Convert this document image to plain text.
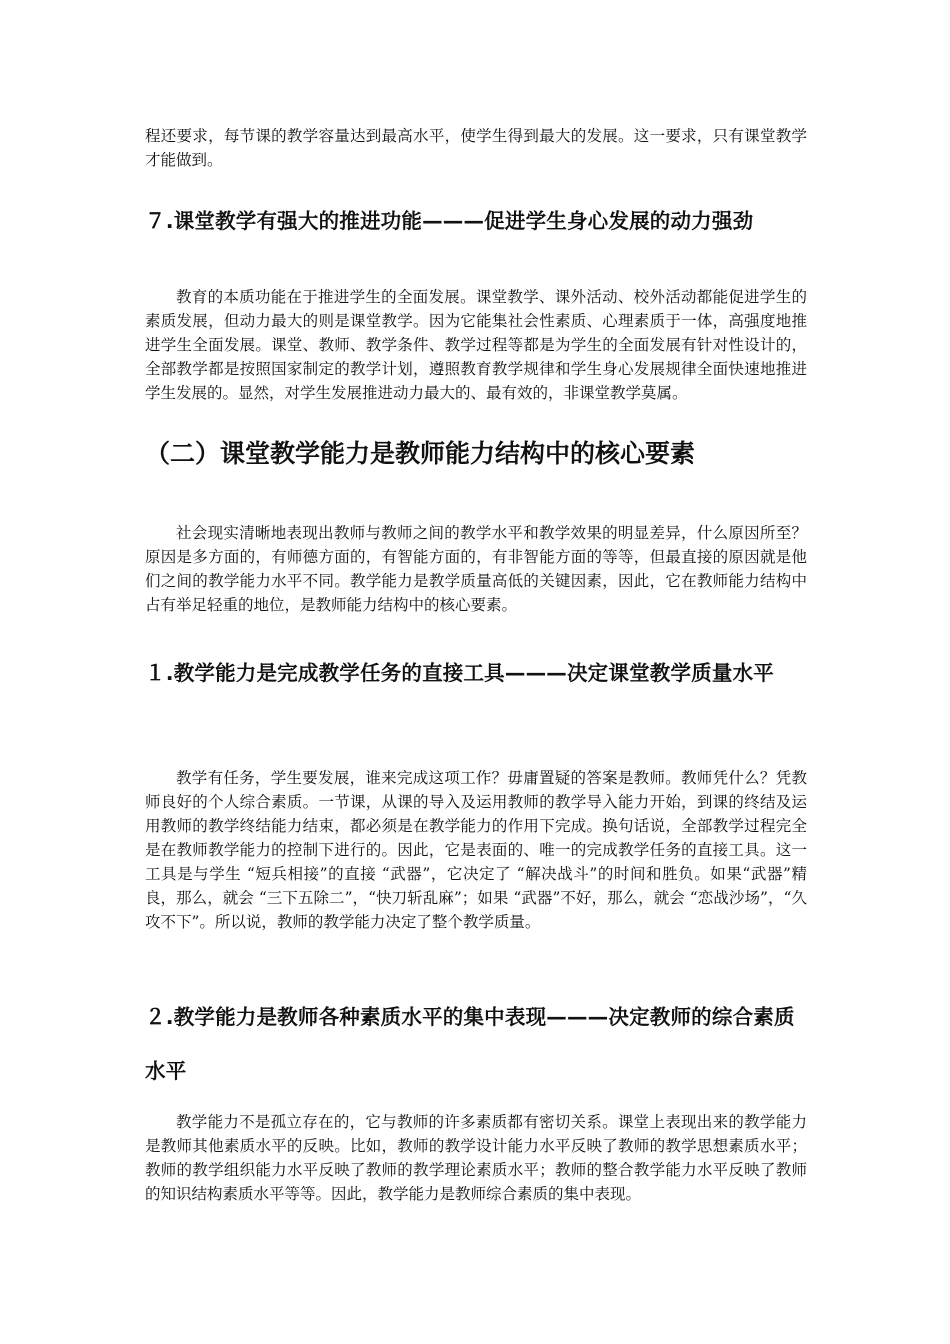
程还要求，每节课的教学容量达到最高水平，使学生得到最大的发展。这一要求，只有课堂教学才能做到。

７.课堂教学有强大的推进功能———促进学生身心发展的动力强劲

教育的本质功能在于推进学生的全面发展。课堂教学、课外活动、校外活动都能促进学生的素质发展，但动力最大的则是课堂教学。因为它能集社会性素质、心理素质于一体，高强度地推进学生全面发展。课堂、教师、教学条件、教学过程等都是为学生的全面发展有针对性设计的，全部教学都是按照国家制定的教学计划，遵照教育教学规律和学生身心发展规律全面快速地推进学生发展的。显然，对学生发展推进动力最大的、最有效的，非课堂教学莫属。

（二）课堂教学能力是教师能力结构中的核心要素

社会现实清晰地表现出教师与教师之间的教学水平和教学效果的明显差异，什么原因所至？原因是多方面的，有师德方面的，有智能方面的，有非智能方面的等等，但最直接的原因就是他们之间的教学能力水平不同。教学能力是教学质量高低的关键因素，因此，它在教师能力结构中占有举足轻重的地位，是教师能力结构中的核心要素。

１.教学能力是完成教学任务的直接工具———决定课堂教学质量水平

教学有任务，学生要发展，谁来完成这项工作？毋庸置疑的答案是教师。教师凭什么？凭教师良好的个人综合素质。一节课，从课的导入及运用教师的教学导入能力开始，到课的终结及运用教师的教学终结能力结束，都必须是在教学能力的作用下完成。换句话说，全部教学过程完全是在教师教学能力的控制下进行的。因此，它是表面的、唯一的完成教学任务的直接工具。这一工具是与学生 “短兵相接”的直接 “武器”，它决定了 “解决战斗”的时间和胜负。如果“武器”精良，那么，就会 “三下五除二”，“快刀斩乱麻”；如果 “武器”不好，那么，就会 “恋战沙场”，“久攻不下”。所以说，教师的教学能力决定了整个教学质量。

２.教学能力是教师各种素质水平的集中表现———决定教师的综合素质水平

教学能力不是孤立存在的，它与教师的许多素质都有密切关系。课堂上表现出来的教学能力是教师其他素质水平的反映。比如，教师的教学设计能力水平反映了教师的教学思想素质水平；教师的教学组织能力水平反映了教师的教学理论素质水平；教师的整合教学能力水平反映了教师的知识结构素质水平等等。因此，教学能力是教师综合素质的集中表现。
